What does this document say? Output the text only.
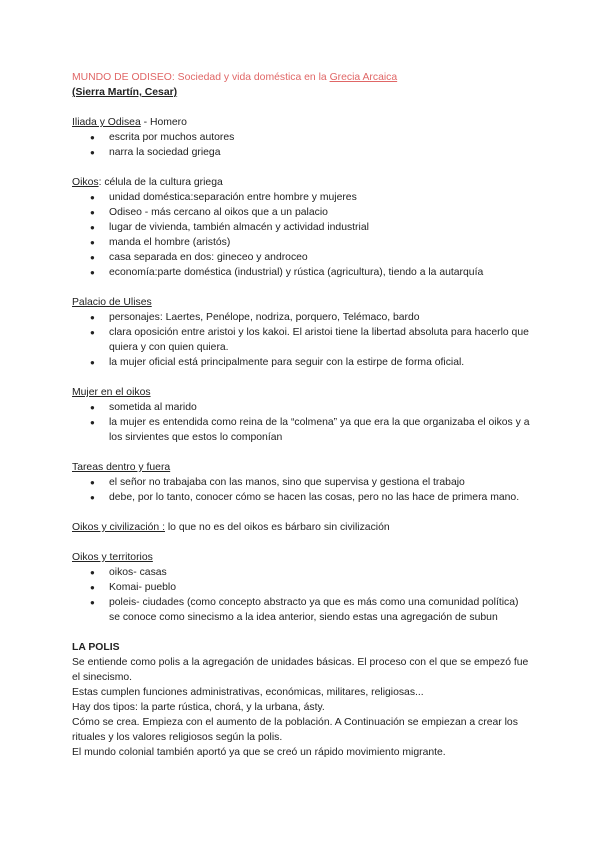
MUNDO DE ODISEO: Sociedad y vida doméstica en la Grecia Arcaica
(Sierra Martín, Cesar)
Iliada y Odisea - Homero
● escrita por muchos autores
● narra la sociedad griega
Oikos: célula de la cultura griega
● unidad doméstica:separación entre hombre y mujeres
● Odiseo - más cercano al oikos que a un palacio
● lugar de vivienda, también almacén y actividad industrial
● manda el hombre (aristós)
● casa separada en dos: gineceo y androceo
● economía:parte doméstica (industrial) y rústica (agricultura), tiendo a la autarquía
Palacio de Ulises
● personajes: Laertes, Penélope, nodriza, porquero, Telémaco, bardo
● clara oposición entre aristoi y los kakoi. El aristoi tiene la libertad absoluta para hacerlo que quiera y con quien quiera.
● la mujer oficial está principalmente para seguir con la estirpe de forma oficial.
Mujer en el oikos
● sometida al marido
● la mujer es entendida como reina de la “colmena” ya que era la que organizaba el oikos y a los sirvientes que estos lo componían
Tareas dentro y fuera
● el señor no trabajaba con las manos, sino que supervisa y gestiona el trabajo
● debe, por lo tanto, conocer cómo se hacen las cosas, pero no las hace de primera mano.
Oikos y civilización : lo que no es del oikos es bárbaro sin civilización
Oikos y territorios
● oikos- casas
● Komai- pueblo
● poleis- ciudades (como concepto abstracto ya que es más como una comunidad política) se conoce como sinecismo a la idea anterior, siendo estas una agregación de subun
LA POLIS

Se entiende como polis a la agregación de unidades básicas. El proceso con el que se empezó fue el sinecismo.

Estas cumplen funciones administrativas, económicas, militares, religiosas...

Hay dos tipos: la parte rústica, chorá, y la urbana, ásty.

Cómo se crea. Empieza con el aumento de la población. A Continuación se empiezan a crear los rituales y los valores religiosos según la polis.

El mundo colonial también aportó ya que se creó un rápido movimiento migrante.
